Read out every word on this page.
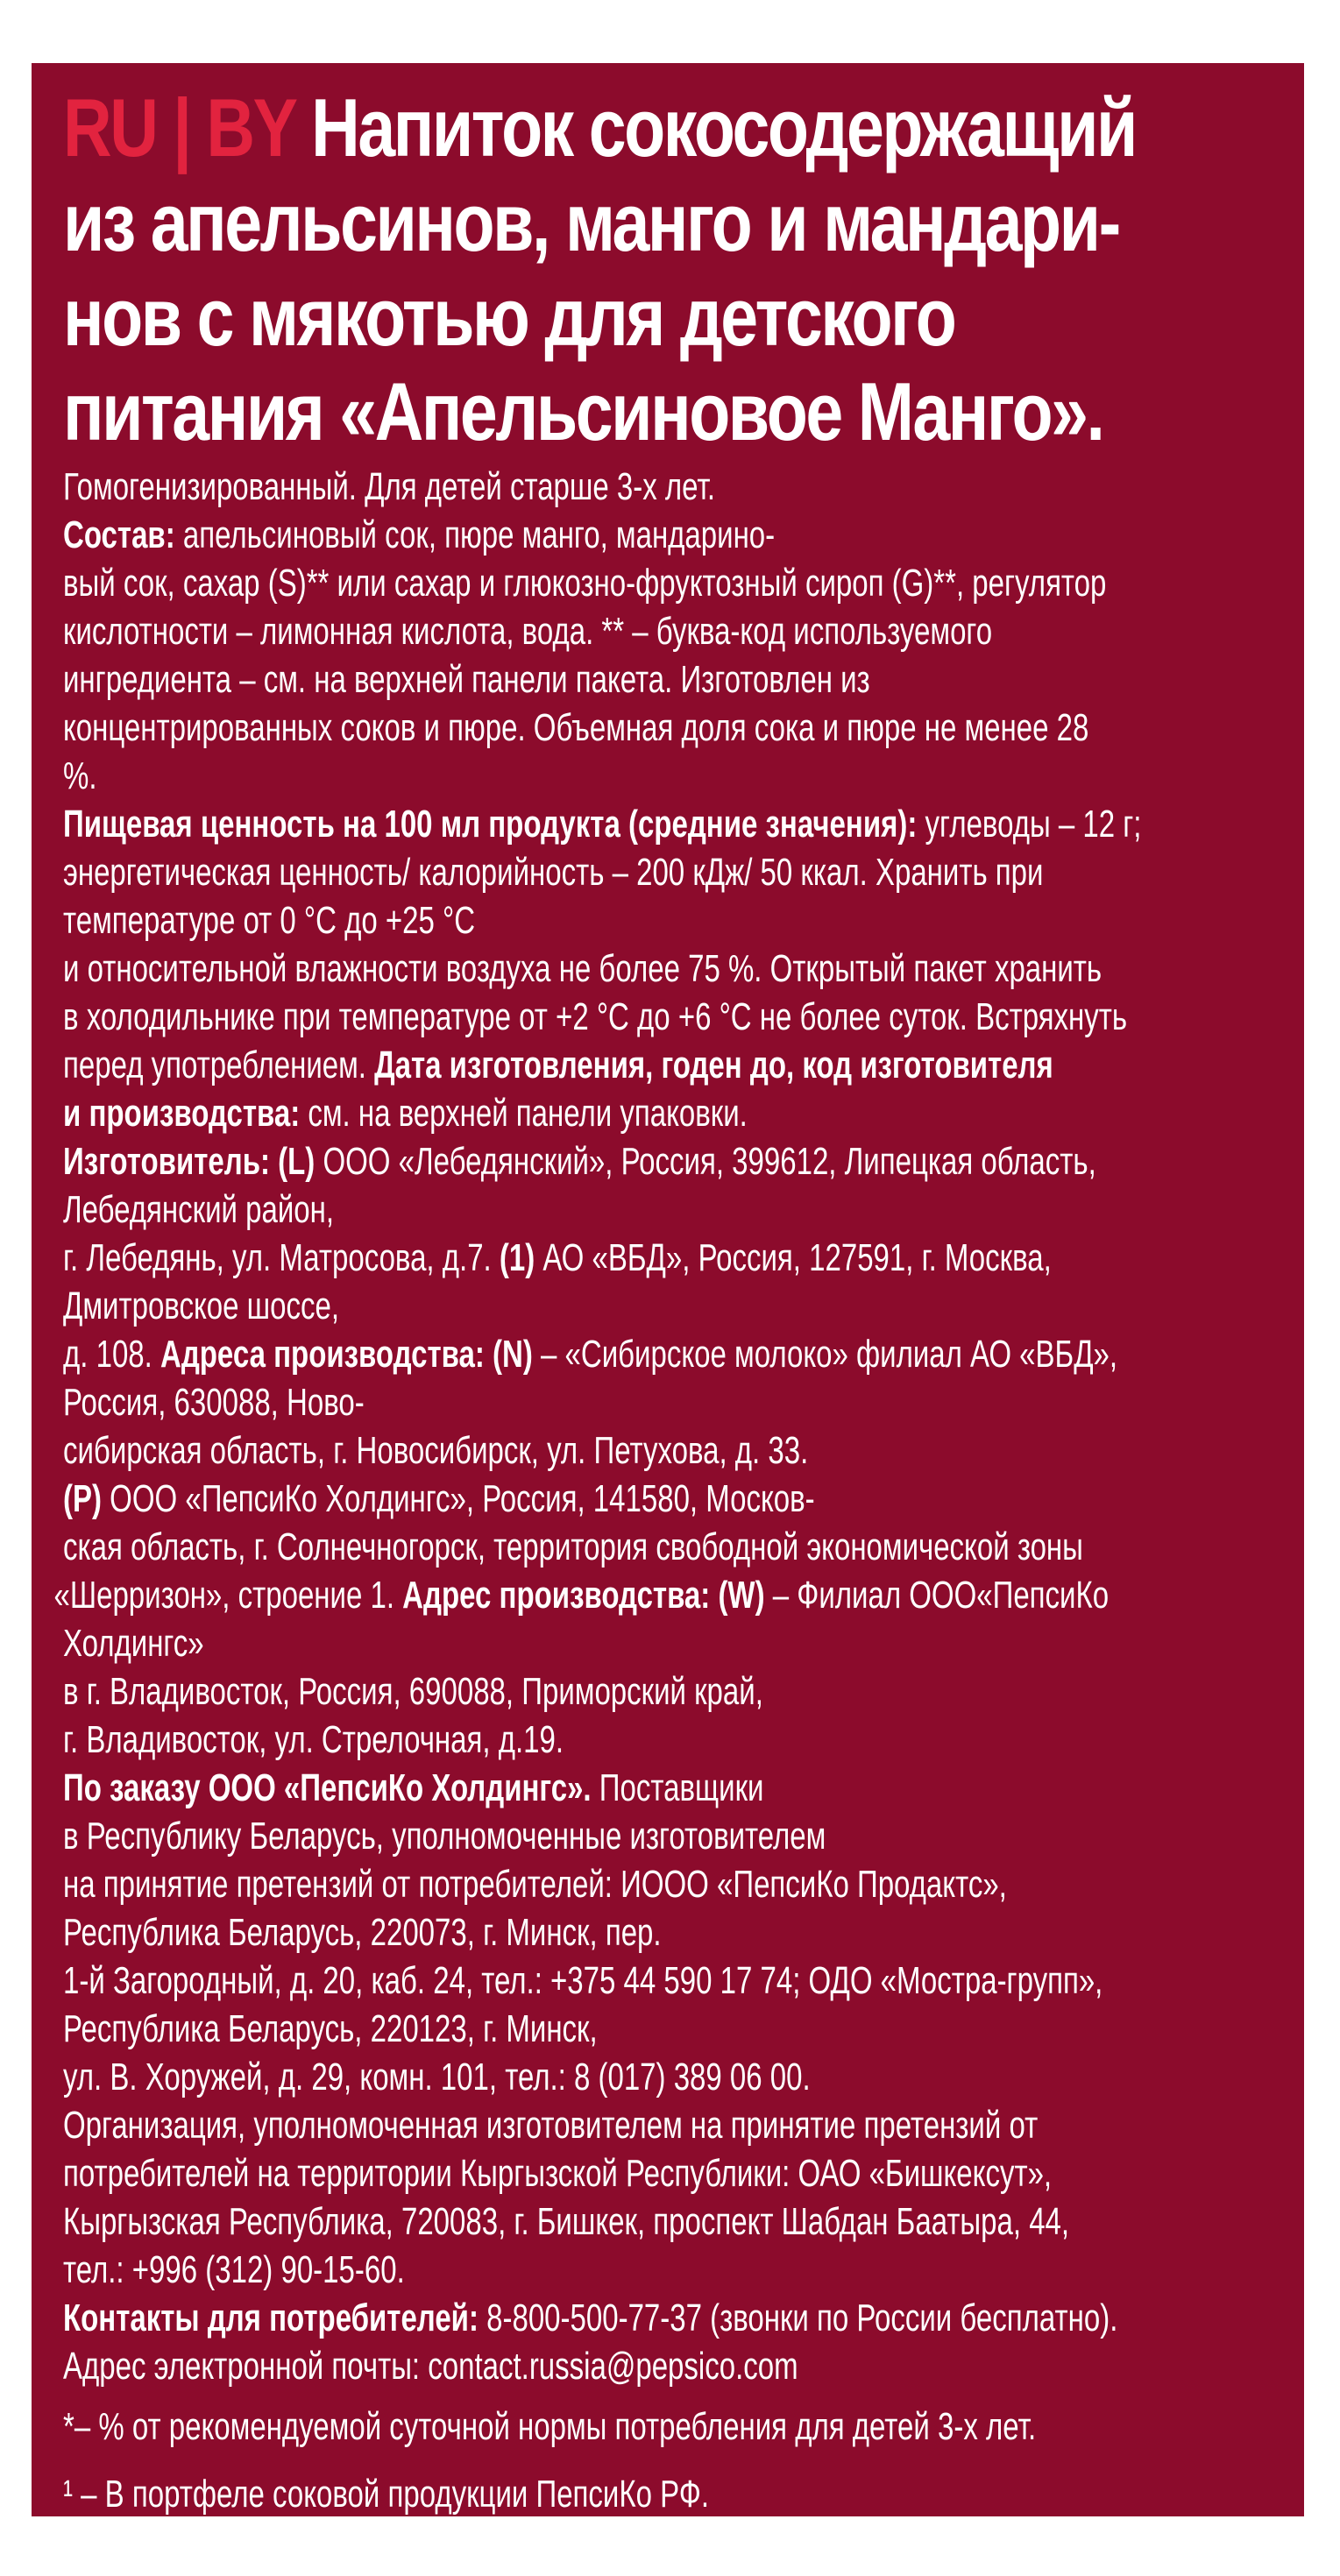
RU | BY Напиток сокосодержащий
из апельсинов, манго и мандари-
нов с мякотью для детского
питания «Апельсиновое Манго».

Гомогенизированный. Для детей старше 3-х лет.

Состав: апельсиновый сок, пюре манго, мандарино-

вый сок, сахар (S)** или сахар и глюкозно-фруктозный сироп (G)**, регулятор

кислотности – лимонная кислота, вода. ** – буква-код используемого

ингредиента – см. на верхней панели пакета. Изготовлен из

концентрированных соков и пюре. Объемная доля сока и пюре не менее 28

%.

Пищевая ценность на 100 мл продукта (средние значения): углеводы – 12 г;

энергетическая ценность/ калорийность – 200 кДж/ 50 ккал. Хранить при

температуре от 0 °С до +25 °С

и относительной влажности воздуха не более 75 %. Открытый пакет хранить

в холодильнике при температуре от +2 °С до +6 °С не более суток. Встряхнуть

перед употреблением. Дата изготовления, годен до, код изготовителя

и производства: см. на верхней панели упаковки.

Изготовитель: (L) ООО «Лебедянский», Россия, 399612, Липецкая область,

Лебедянский район,

г. Лебедянь, ул. Матросова, д.7. (1) АО «ВБД», Россия, 127591, г. Москва,

Дмитровское шоссе,

д. 108. Адреса производства: (N) – «Сибирское молоко» филиал АО «ВБД»,

Россия, 630088, Ново-

сибирская область, г. Новосибирск, ул. Петухова, д. 33.

(P) ООО «ПепсиКо Холдингс», Россия, 141580, Москов-

ская область, г. Солнечногорск, территория свободной экономической зоны

«Шерризон», строение 1. Адрес производства: (W) – Филиал ООО«ПепсиКо

Холдингс»

в г. Владивосток, Россия, 690088, Приморский край,

г. Владивосток, ул. Стрелочная, д.19.

По заказу ООО «ПепсиКо Холдингс». Поставщики

в Республику Беларусь, уполномоченные изготовителем

на принятие претензий от потребителей: ИООО «ПепсиКо Продактс»,

Республика Беларусь, 220073, г. Минск, пер.

1-й Загородный, д. 20, каб. 24, тел.: +375 44 590 17 74; ОДО «Мостра-групп»,

Республика Беларусь, 220123, г. Минск,

ул. В. Хоружей, д. 29, комн. 101, тел.: 8 (017) 389 06 00.

Организация, уполномоченная изготовителем на принятие претензий от

потребителей на территории Кыргызской Республики: ОАО «Бишкексут»,

Кыргызская Республика, 720083, г. Бишкек, проспект Шабдан Баатыра, 44,

тел.: +996 (312) 90-15-60.

Контакты для потребителей: 8-800-500-77-37 (звонки по России бесплатно).

Адрес электронной почты: contact.russia@pepsico.com

*– % от рекомендуемой суточной нормы потребления для детей 3-х лет.

¹ – В портфеле соковой продукции ПепсиКо РФ.
